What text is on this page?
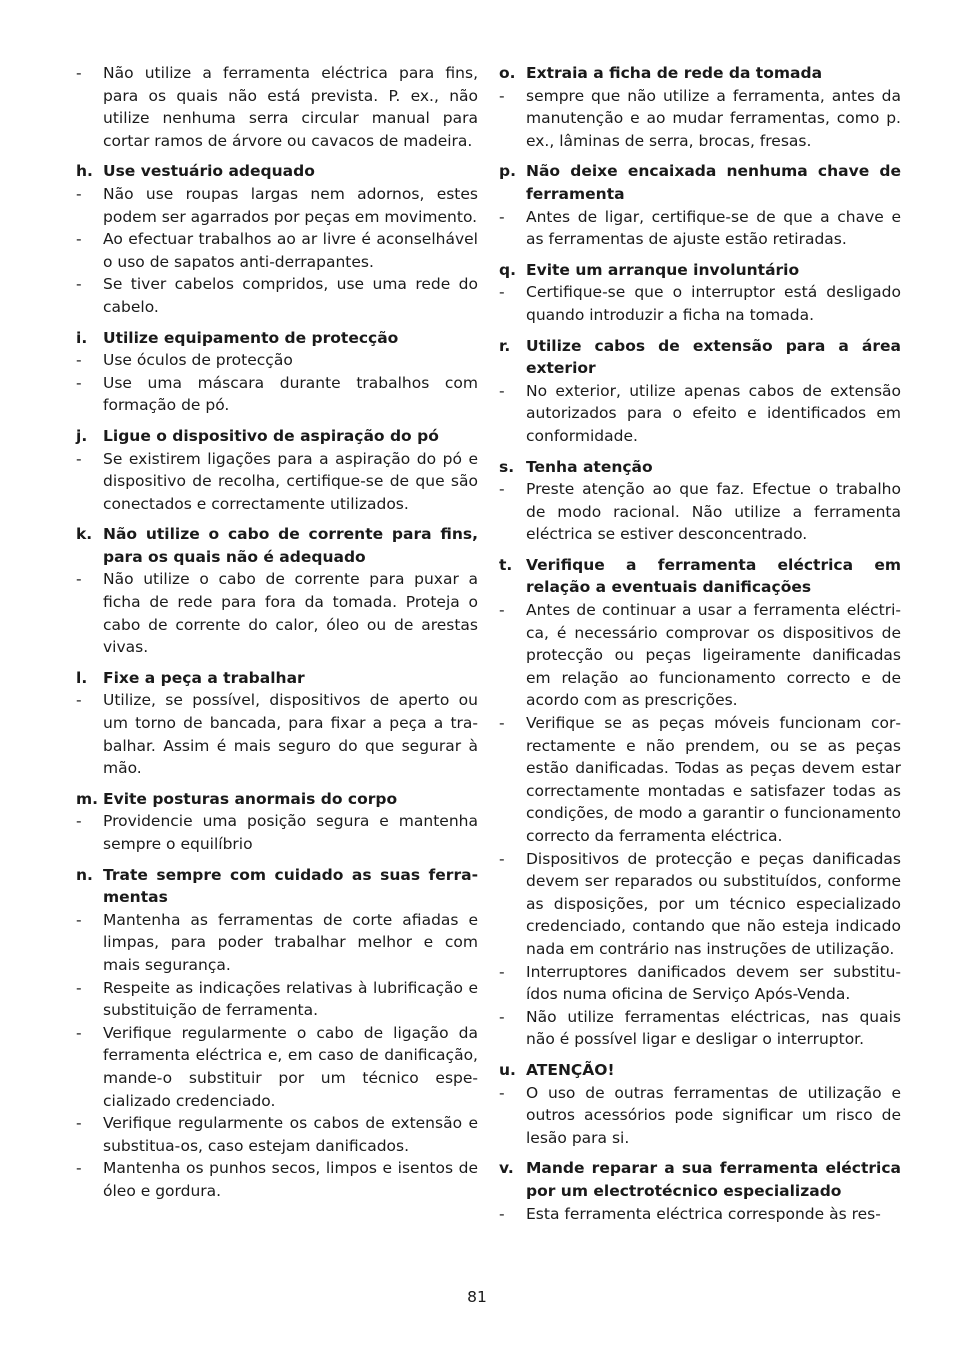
-	Não utilize a ferramenta eléctrica para fins, para os quais não está prevista. P. ex., não utilize nenhuma serra circular manual para cortar ramos de árvore ou cavacos de madeira.
h. Use vestuário adequado
-	Não use roupas largas nem adornos, estes podem ser agarrados por peças em movimento.
-	Ao efectuar trabalhos ao ar livre é aconselhável o uso de sapatos anti-derrapantes.
-	Se tiver cabelos compridos, use uma rede do cabelo.
i.	Utilize equipamento de protecção
-	Use óculos de protecção
-	Use uma máscara durante trabalhos com formação de pó.
j.	Ligue o dispositivo de aspiração do pó
-	Se existirem ligações para a aspiração do pó e dispositivo de recolha, certifique-se de que são conectados e correctamente utilizados.
k. Não utilize o cabo de corrente para fins, para os quais não é adequado
-	Não utilize o cabo de corrente para puxar a ficha de rede para fora da tomada. Proteja o cabo de corrente do calor, óleo ou de arestas vivas.
l.	Fixe a peça a trabalhar
-	Utilize, se possível, dispositivos de aperto ou um torno de bancada, para fixar a peça a trabalhar. Assim é mais seguro do que segurar à mão.
m. Evite posturas anormais do corpo
-	Providencie uma posição segura e mantenha sempre o equilíbrio
n. Trate sempre com cuidado as suas ferramentas
-	Mantenha as ferramentas de corte afiadas e limpas, para poder trabalhar melhor e com mais segurança.
-	Respeite as indicações relativas à lubrificação e substituição de ferramenta.
-	Verifique regularmente o cabo de ligação da ferramenta eléctrica e, em caso de danificação, mande-o substituir por um técnico especializado credenciado.
-	Verifique regularmente os cabos de extensão e substitua-os, caso estejam danificados.
-	Mantenha os punhos secos, limpos e isentos de óleo e gordura.
o. Extraia a ficha de rede da tomada
-	sempre que não utilize a ferramenta, antes da manutenção e ao mudar ferramentas, como p. ex., lâminas de serra, brocas, fresas.
p. Não deixe encaixada nenhuma chave de ferramenta
-	Antes de ligar, certifique-se de que a chave e as ferramentas de ajuste estão retiradas.
q. Evite um arranque involuntário
-	Certifique-se que o interruptor está desligado quando introduzir a ficha na tomada.
r.	Utilize cabos de extensão para a área exterior
-	No exterior, utilize apenas cabos de extensão autorizados para o efeito e identificados em conformidade.
s. Tenha atenção
-	Preste atenção ao que faz. Efectue o trabalho de modo racional. Não utilize a ferramenta eléctrica se estiver desconcentrado.
t. Verifique a ferramenta eléctrica em relação a eventuais danificações
-	Antes de continuar a usar a ferramenta eléctrica, é necessário comprovar os dispositivos de protecção ou peças ligeiramente danificadas em relação ao funcionamento correcto e de acordo com as prescrições.
-	Verifique se as peças móveis funcionam correctamente e não prendem, ou se as peças estão danificadas. Todas as peças devem estar correctamente montadas e satisfazer todas as condições, de modo a garantir o funcionamento correcto da ferramenta eléctrica.
-	Dispositivos de protecção e peças danificadas devem ser reparados ou substituídos, conforme as disposições, por um técnico especializado credenciado, contando que não esteja indicado nada em contrário nas instruções de utilização.
-	Interruptores danificados devem ser substituídos numa oficina de Serviço Após-Venda.
-	Não utilize ferramentas eléctricas, nas quais não é possível ligar e desligar o interruptor.
u. ATENÇÃO!
-	O uso de outras ferramentas de utilização e outros acessórios pode significar um risco de lesão para si.
v. Mande reparar a sua ferramenta eléctrica por um electrotécnico especializado
-	Esta ferramenta eléctrica corresponde às res-
81
